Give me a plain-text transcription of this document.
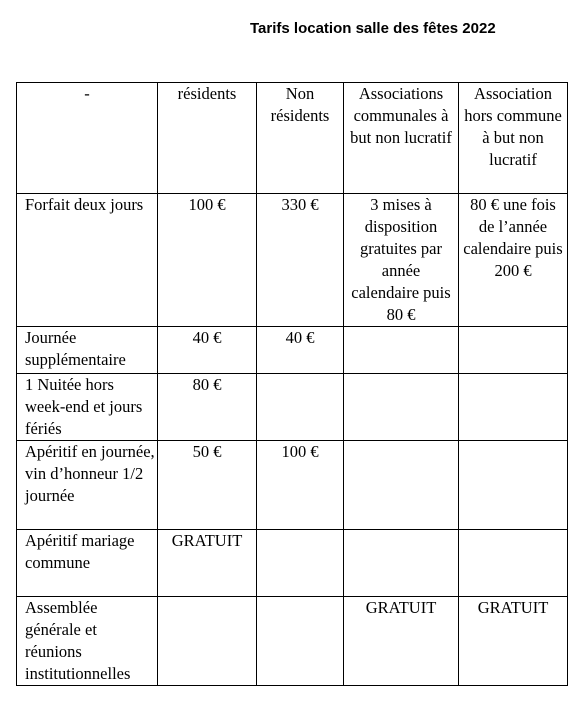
Tarifs location salle des fêtes 2022
-	résidents	Non résidents	Associations communales à but non lucratif	Association hors commune à but non lucratif
Forfait deux jours	100 €	330 €	3 mises à disposition gratuites par année calendaire puis 80 €	80 € une fois de l’année calendaire puis 200 €
Journée supplémentaire	40 €	40 €		
1 Nuitée hors week-end et jours fériés	80 €			
Apéritif en journée, vin d’honneur 1/2 journée	50 €	100 €		
Apéritif mariage commune	GRATUIT			
Assemblée générale et réunions institutionnelles			GRATUIT	GRATUIT
